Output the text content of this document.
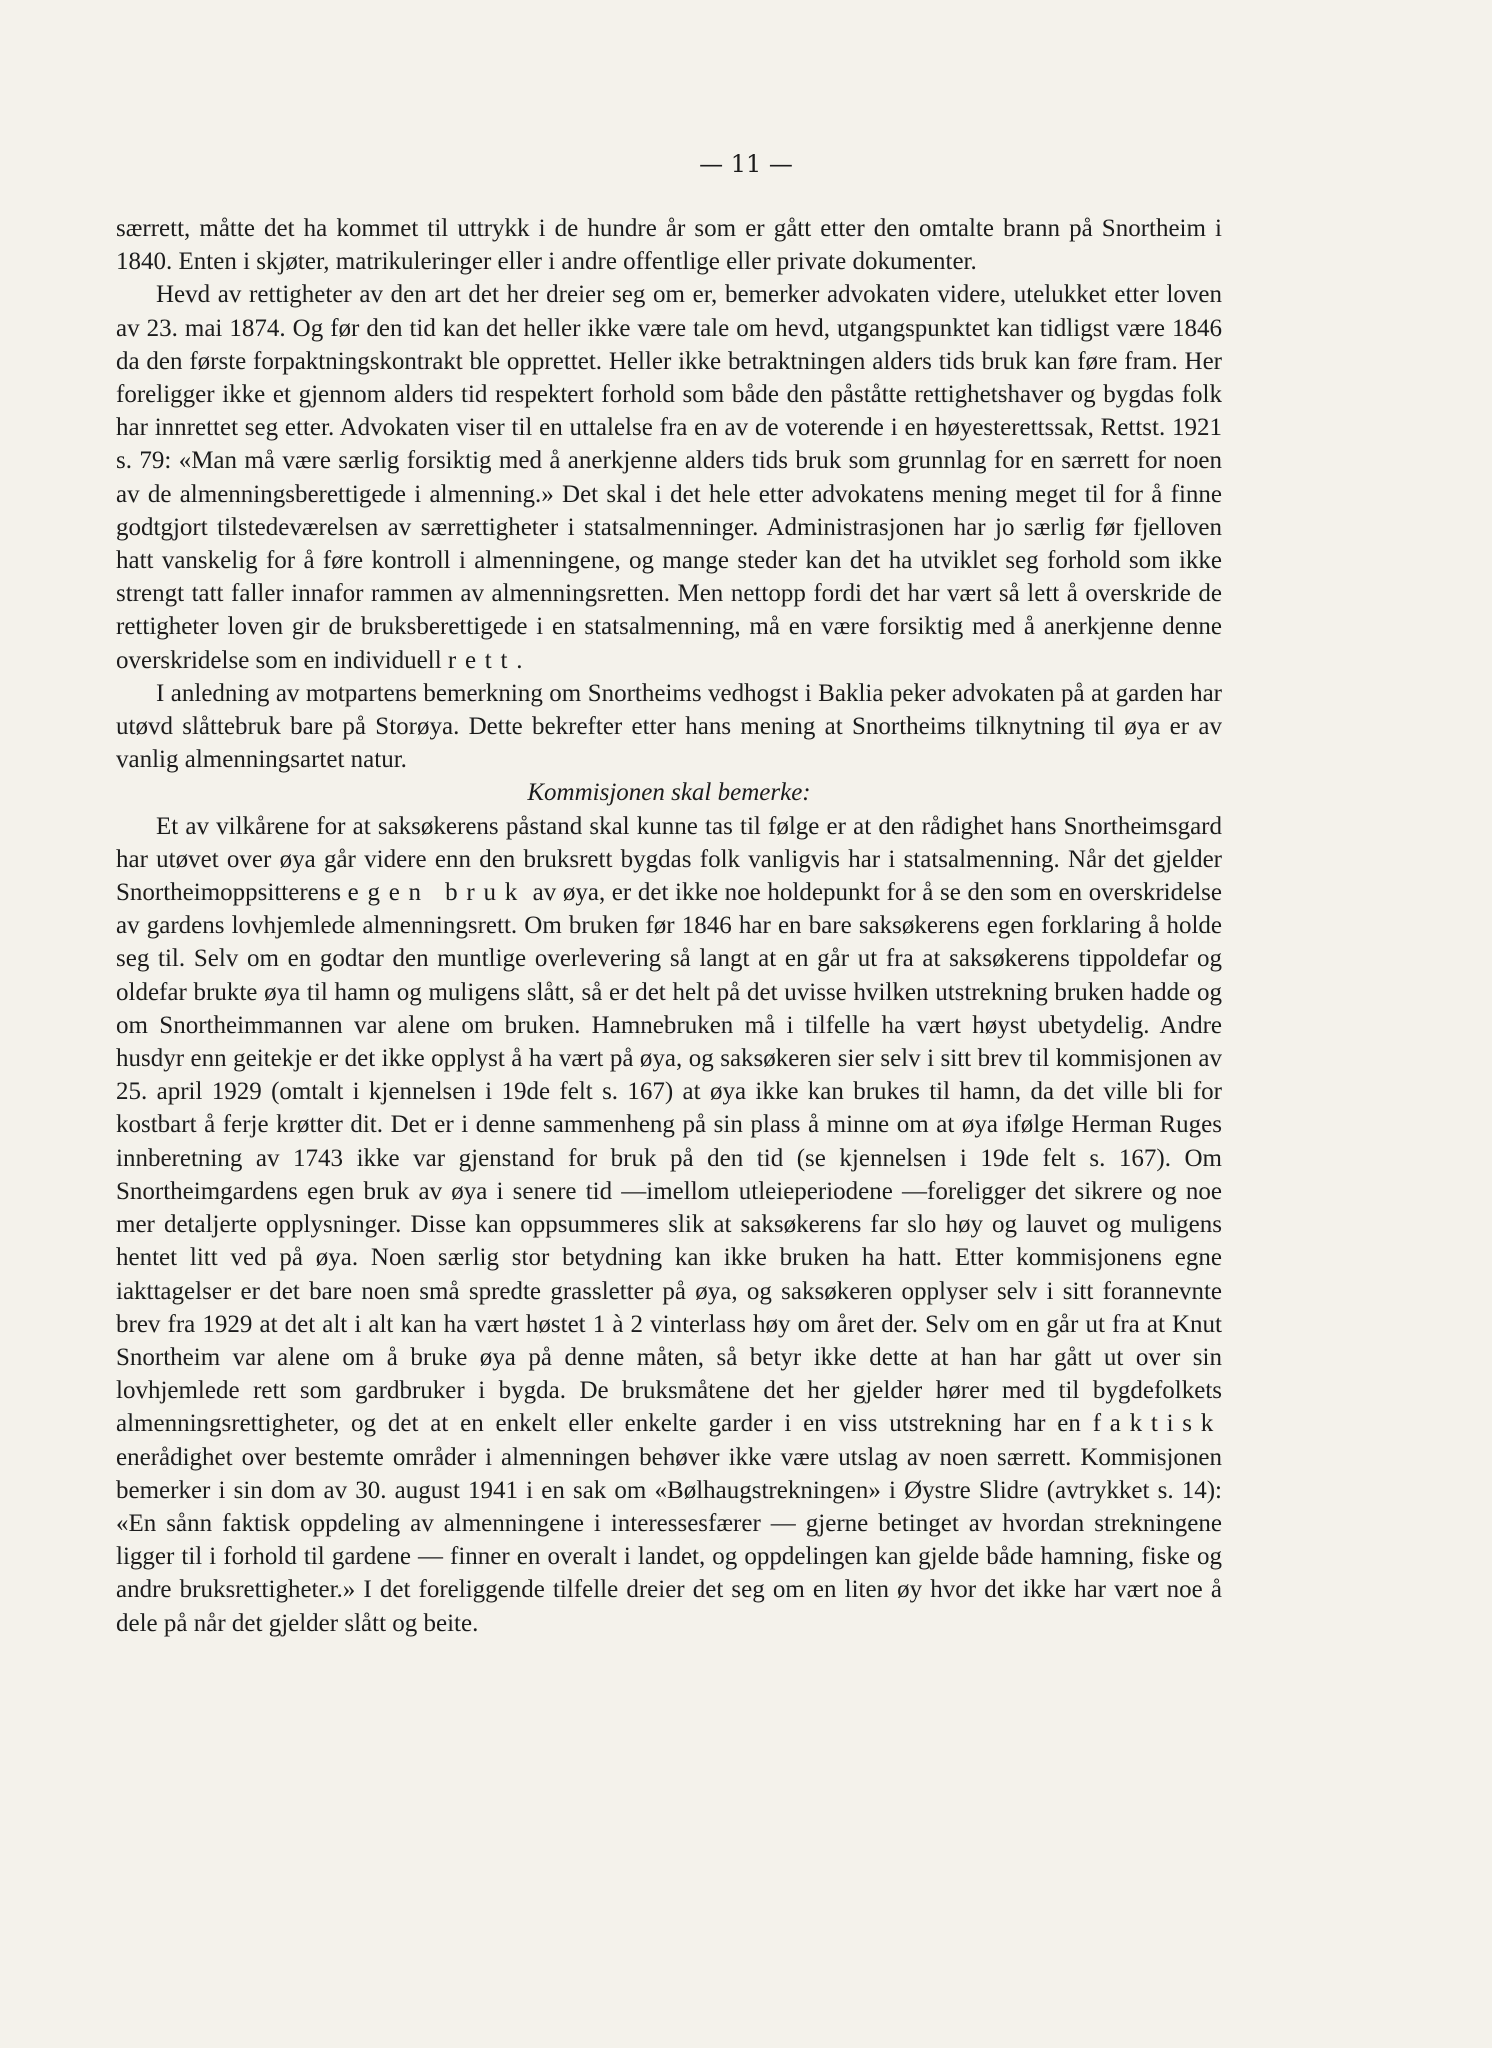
— 11 —

særrett, måtte det ha kommet til uttrykk i de hundre år som er gått etter den omtalte brann på Snortheim i 1840. Enten i skjøter, matrikuleringer eller i andre offentlige eller private dokumenter.

Hevd av rettigheter av den art det her dreier seg om er, bemerker advokaten videre, utelukket etter loven av 23. mai 1874. Og før den tid kan det heller ikke være tale om hevd, utgangspunktet kan tidligst være 1846 da den første forpaktningskontrakt ble opprettet. Heller ikke betraktningen alders tids bruk kan føre fram. Her foreligger ikke et gjennom alders tid respektert forhold som både den påståtte rettighetshaver og bygdas folk har innrettet seg etter. Advokaten viser til en uttalelse fra en av de voterende i en høyesterettssak, Rettst. 1921 s. 79: «Man må være særlig forsiktig med å anerkjenne alders tids bruk som grunnlag for en særrett for noen av de almenningsberettigede i almenning.» Det skal i det hele etter advokatens mening meget til for å finne godtgjort tilstedeværelsen av særrettigheter i statsalmenninger. Administrasjonen har jo særlig før fjelloven hatt vanskelig for å føre kontroll i almenningene, og mange steder kan det ha utviklet seg forhold som ikke strengt tatt faller innafor rammen av almenningsretten. Men nettopp fordi det har vært så lett å overskride de rettigheter loven gir de bruksberettigede i en statsalmenning, må en være forsiktig med å anerkjenne denne overskridelse som en individuell rett.

I anledning av motpartens bemerkning om Snortheims vedhogst i Baklia peker advokaten på at garden har utøvd slåttebruk bare på Storøya. Dette bekrefter etter hans mening at Snortheims tilknytning til øya er av vanlig almenningsartet natur.

Kommisjonen skal bemerke:

Et av vilkårene for at saksøkerens påstand skal kunne tas til følge er at den rådighet hans Snortheimsgard har utøvet over øya går videre enn den bruksrett bygdas folk vanligvis har i statsalmenning. Når det gjelder Snortheimoppsitterens egen bruk av øya, er det ikke noe holdepunkt for å se den som en overskridelse av gardens lovhjemlede almenningsrett. Om bruken før 1846 har en bare saksøkerens egen forklaring å holde seg til. Selv om en godtar den muntlige overlevering så langt at en går ut fra at saksøkerens tippoldefar og oldefar brukte øya til hamn og muligens slått, så er det helt på det uvisse hvilken utstrekning bruken hadde og om Snortheimmannen var alene om bruken. Hamnebruken må i tilfelle ha vært høyst ubetydelig. Andre husdyr enn geitekje er det ikke opplyst å ha vært på øya, og saksøkeren sier selv i sitt brev til kommisjonen av 25. april 1929 (omtalt i kjennelsen i 19de felt s. 167) at øya ikke kan brukes til hamn, da det ville bli for kostbart å ferje krøtter dit. Det er i denne sammenheng på sin plass å minne om at øya ifølge Herman Ruges innberetning av 1743 ikke var gjenstand for bruk på den tid (se kjennelsen i 19de felt s. 167). Om Snortheimgardens egen bruk av øya i senere tid —imellom utleieperiodene —foreligger det sikrere og noe mer detaljerte opplysninger. Disse kan oppsummeres slik at saksøkerens far slo høy og lauvet og muligens hentet litt ved på øya. Noen særlig stor betydning kan ikke bruken ha hatt. Etter kommisjonens egne iakttagelser er det bare noen små spredte grassletter på øya, og saksøkeren opplyser selv i sitt forannevnte brev fra 1929 at det alt i alt kan ha vært høstet 1 à 2 vinterlass høy om året der. Selv om en går ut fra at Knut Snortheim var alene om å bruke øya på denne måten, så betyr ikke dette at han har gått ut over sin lovhjemlede rett som gardbruker i bygda. De bruksmåtene det her gjelder hører med til bygdefolkets almenningsrettigheter, og det at en enkelt eller enkelte garder i en viss utstrekning har en faktisk enerådighet over bestemte områder i almenningen behøver ikke være utslag av noen særrett. Kommisjonen bemerker i sin dom av 30. august 1941 i en sak om «Bølhaugstrekningen» i Øystre Slidre (avtrykket s. 14): «En sånn faktisk oppdeling av almenningene i interessesfærer — gjerne betinget av hvordan strekningene ligger til i forhold til gardene — finner en overalt i landet, og oppdelingen kan gjelde både hamning, fiske og andre bruksrettigheter.» I det foreliggende tilfelle dreier det seg om en liten øy hvor det ikke har vært noe å dele på når det gjelder slått og beite.
